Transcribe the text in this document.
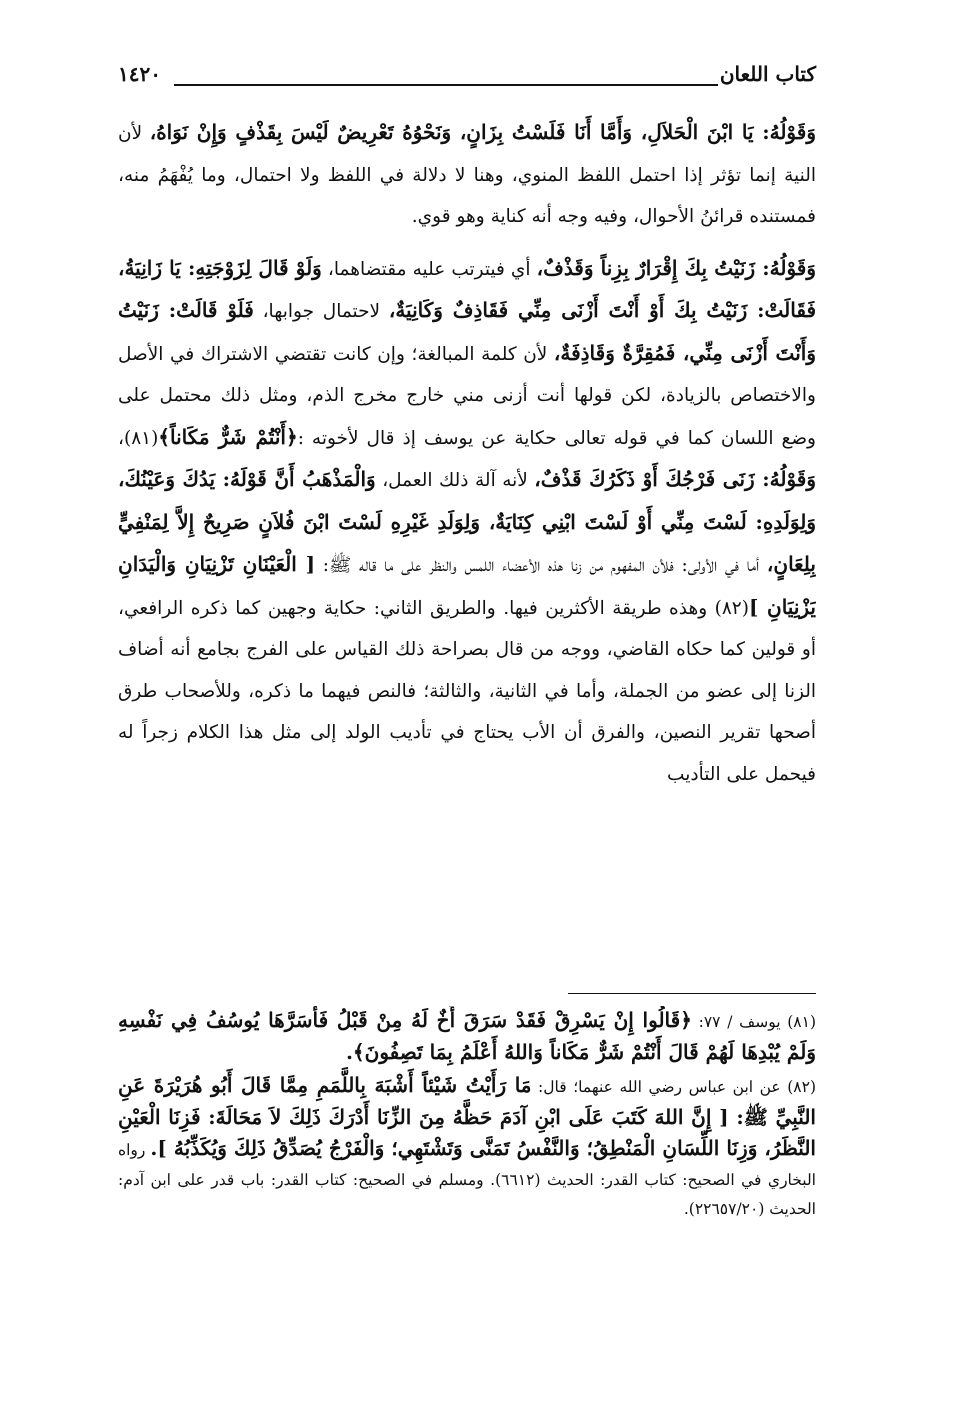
كتاب اللعان
١٤٢٠

وَقَوْلُهُ: يَا ابْنَ الْحَلاَلِ، وَأَمَّا أَنَا فَلَسْتُ بِزَانٍ، وَنَحْوُهُ تَعْرِيضٌ لَيْسَ بِقَذْفٍ وَإِنْ نَوَاهُ، لأن النية إنما تؤثر إذا احتمل اللفظ المنوي، وهنا لا دلالة في اللفظ ولا احتمال، وما يُفْهَمُ منه، فمستنده قرائنُ الأحوال، وفيه وجه أنه كناية وهو قوي.

وَقَوْلُهُ: زَنَيْتُ بِكَ إِقْرَارٌ بِزِناً وَقَذْفٌ، أي فيترتب عليه مقتضاهما، وَلَوْ قَالَ لِزَوْجَتِهِ: يَا زَانِيَةُ، فَقَالَتْ: زَنَيْتُ بِكَ أَوْ أَنْتَ أَزْنَى مِنِّي فَقَاذِفٌ وَكَانِيَةٌ، لاحتمال جوابها، فَلَوْ قَالَتْ: زَنَيْتُ وَأَنْتَ أَزْنَى مِنِّي، فَمُقِرَّةٌ وَقَاذِفَةٌ، لأن كلمة المبالغة؛ وإن كانت تقتضي الاشتراك في الأصل والاختصاص بالزيادة، لكن قولها أنت أزنى مني خارج مخرج الذم، ومثل ذلك محتمل على وضع اللسان كما في قوله تعالى حكاية عن يوسف إذ قال لأخوته :﴿أَنْتُمْ شَرٌّ مَكَاناً﴾(٨١)، وَقَوْلُهُ: زَنَى فَرْجُكَ أَوْ ذَكَرُكَ قَذْفٌ، لأنه آلة ذلك العمل، وَالْمَذْهَبُ أَنَّ قَوْلَهُ: يَدُكَ وَعَيْنُكَ، وَلِوَلَدِهِ: لَسْتَ مِنِّي أَوْ لَسْتَ ابْنِي كِنَايَةٌ، وَلِوَلَدِ غَيْرِهِ لَسْتَ ابْنَ فُلاَنٍ صَرِيحٌ إِلاَّ لِمَنْفِيٍّ بِلِعَانٍ، أما في الأولى: فلأن المفهوم من زنا هذه الأعضاء اللمس والنظر على ما قاله ﷺ: [ الْعَيْنَانِ تَزْنِيَانِ وَالْيَدَانِ يَزْنِيَانِ ](٨٢) وهذه طريقة الأكثرين فيها. والطريق الثاني: حكاية وجهين كما ذكره الرافعي، أو قولين كما حكاه القاضي، ووجه من قال بصراحة ذلك القياس على الفرج بجامع أنه أضاف الزنا إلى عضو من الجملة، وأما في الثانية، والثالثة؛ فالنص فيهما ما ذكره، وللأصحاب طرق أصحها تقرير النصين، والفرق أن الأب يحتاج في تأديب الولد إلى مثل هذا الكلام زجراً له فيحمل على التأديب

(٨١) يوسف / ٧٧: ﴿قَالُوا إِنْ يَسْرِقْ فَقَدْ سَرَقَ أَخٌ لَهُ مِنْ قَبْلُ فَأَسَرَّهَا يُوسُفُ فِي نَفْسِهِ وَلَمْ يُبْدِهَا لَهُمْ قَالَ أَنْتُمْ شَرٌّ مَكَاناً وَاللهُ أَعْلَمُ بِمَا تَصِفُونَ﴾.

(٨٢) عن ابن عباس رضي الله عنهما؛ قال: مَا رَأَيْتُ شَيْئاً أَشْبَهَ بِاللَّمَمِ مِمَّا قَالَ أَبُو هُرَيْرَةَ عَنِ النَّبِيِّ ﷺ: [ إِنَّ اللهَ كَتَبَ عَلَى ابْنِ آدَمَ حَظَّهُ مِنَ الزِّنَا أَدْرَكَ ذَلِكَ لاَ مَحَالَةَ: فَزِنَا الْعَيْنِ النَّظَرُ، وَزِنَا اللِّسَانِ الْمَنْطِقُ؛ وَالنَّفْسُ تَمَنَّى وَتَشْتَهِي؛ وَالْفَرْجُ يُصَدِّقُ ذَلِكَ وَيُكَذِّبُهُ ]. رواه البخاري في الصحيح: كتاب القدر: الحديث (٦٦١٢). ومسلم في الصحيح: كتاب القدر: باب قدر على ابن آدم: الحديث (٢٢٦٥٧/٢٠).
